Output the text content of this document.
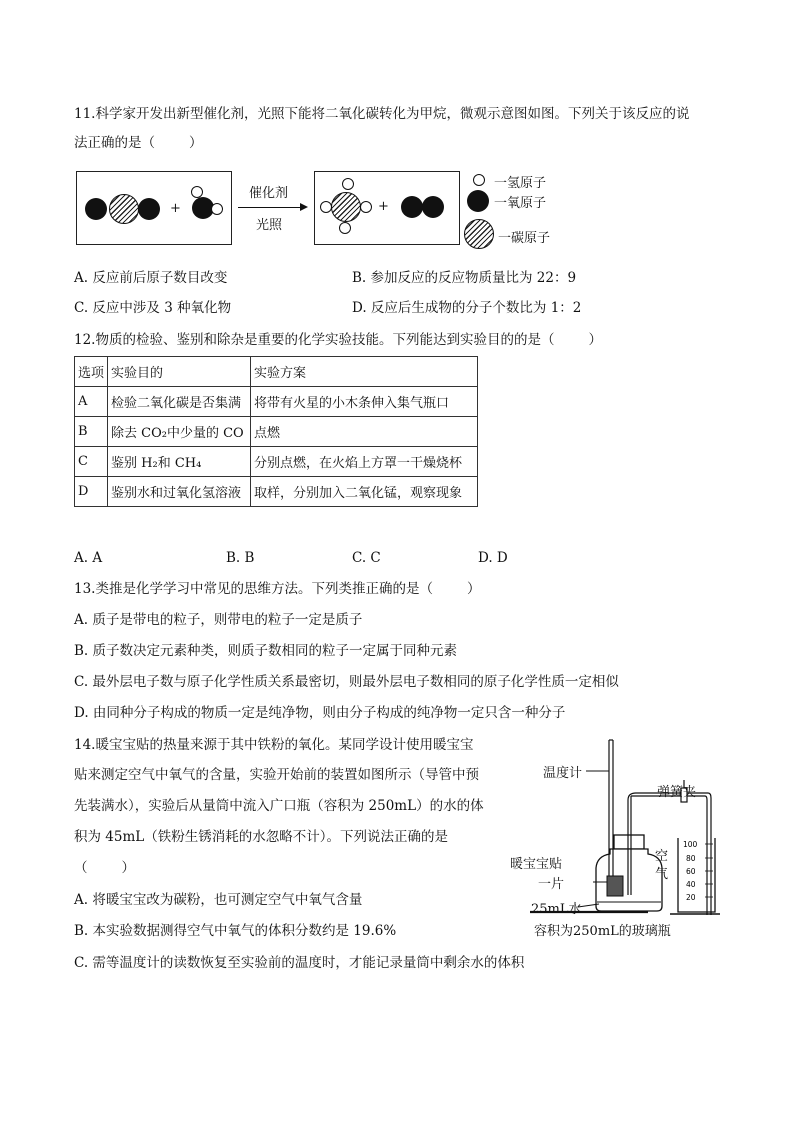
11.科学家开发出新型催化剂，光照下能将二氧化碳转化为甲烷，微观示意图如图。下列关于该反应的说
法正确的是（	）
+
催化剂
光照
+
一氢原子
一氧原子
一碳原子
A. 反应前后原子数目改变	B. 参加反应的反应物质量比为 22：9
C. 反应中涉及 3 种氧化物	D. 反应后生成物的分子个数比为 1：2
12.物质的检验、鉴别和除杂是重要的化学实验技能。下列能达到实验目的的是（	）
选项	实验目的	实验方案
A	检验二氧化碳是否集满	将带有火星的小木条伸入集气瓶口
B	除去 CO₂中少量的 CO	点燃
C	鉴别 H₂和 CH₄	分别点燃，在火焰上方罩一干燥烧杯
D	鉴别水和过氧化氢溶液	取样，分别加入二氧化锰，观察现象
A. A	B. B	C. C	D. D
13.类推是化学学习中常见的思维方法。下列类推正确的是（	）
A. 质子是带电的粒子，则带电的粒子一定是质子
B. 质子数决定元素种类，则质子数相同的粒子一定属于同种元素
C. 最外层电子数与原子化学性质关系最密切，则最外层电子数相同的原子化学性质一定相似
D. 由同种分子构成的物质一定是纯净物，则由分子构成的纯净物一定只含一种分子
14.暖宝宝贴的热量来源于其中铁粉的氧化。某同学设计使用暖宝宝
贴来测定空气中氧气的含量，实验开始前的装置如图所示（导管中预
先装满水），实验后从量筒中流入广口瓶（容积为 250mL）的水的体
积为 45mL（铁粉生锈消耗的水忽略不计）。下列说法正确的是
（	）
A. 将暖宝宝改为碳粉，也可测定空气中氧气含量
B. 本实验数据测得空气中氧气的体积分数约是 19.6%
C. 需等温度计的读数恢复至实验前的温度时，才能记录量筒中剩余水的体积
100
80
60
40
20
温度计
弹簧夹
暖宝宝贴
一片
空
气
25mL水
容积为250mL的玻璃瓶
